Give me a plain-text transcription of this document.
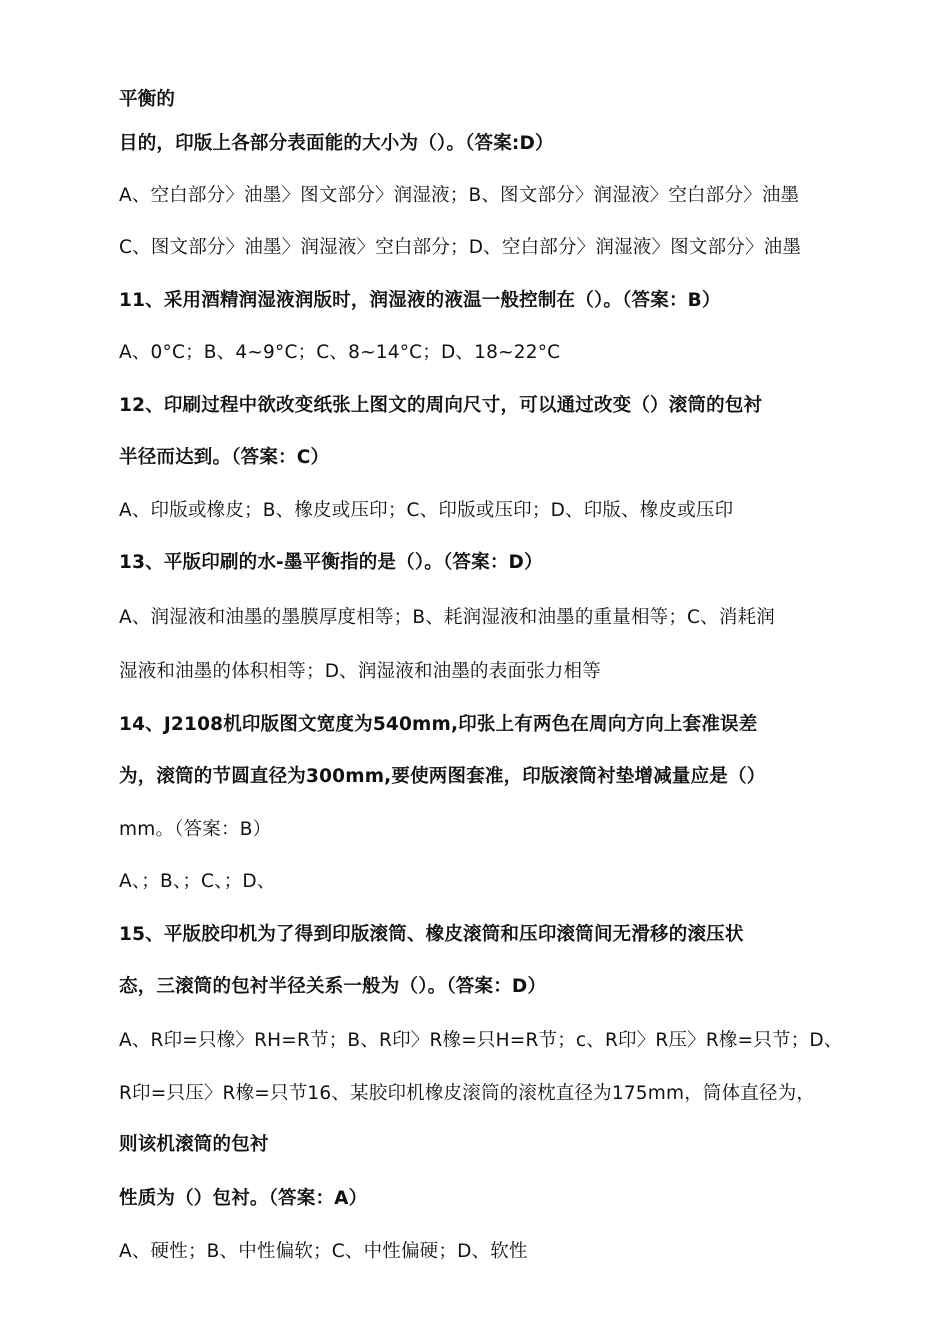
平衡的
目的，印版上各部分表面能的大小为（）。（答案:D）
A、空白部分〉油墨〉图文部分〉润湿液；B、图文部分〉润湿液〉空白部分〉油墨
C、图文部分〉油墨〉润湿液〉空白部分；D、空白部分〉润湿液〉图文部分〉油墨
11、采用酒精润湿液润版时，润湿液的液温一般控制在（）。（答案：B）
A、0°C；B、4~9°C；C、8~14°C；D、18~22°C
12、印刷过程中欲改变纸张上图文的周向尺寸，可以通过改变（）滚筒的包衬
半径而达到。（答案：C）
A、印版或橡皮；B、橡皮或压印；C、印版或压印；D、印版、橡皮或压印
13、平版印刷的水-墨平衡指的是（）。（答案：D）
A、润湿液和油墨的墨膜厚度相等；B、耗润湿液和油墨的重量相等；C、消耗润
湿液和油墨的体积相等；D、润湿液和油墨的表面张力相等
14、J2108机印版图文宽度为540mm,印张上有两色在周向方向上套准误差
为，滚筒的节圆直径为300mm,要使两图套准，印版滚筒衬垫增减量应是（）
mm。（答案：B）
A、；B、；C、；D、
15、平版胶印机为了得到印版滚筒、橡皮滚筒和压印滚筒间无滑移的滚压状
态，三滚筒的包衬半径关系一般为（）。（答案：D）
A、R印=只橡〉RH=R节；B、R印〉R橡=只H=R节；c、R印〉R压〉R橡=只节；D、
R印=只压〉R橡=只节16、某胶印机橡皮滚筒的滚枕直径为175mm，筒体直径为，
则该机滚筒的包衬
性质为（）包衬。（答案：A）
A、硬性；B、中性偏软；C、中性偏硬；D、软性
